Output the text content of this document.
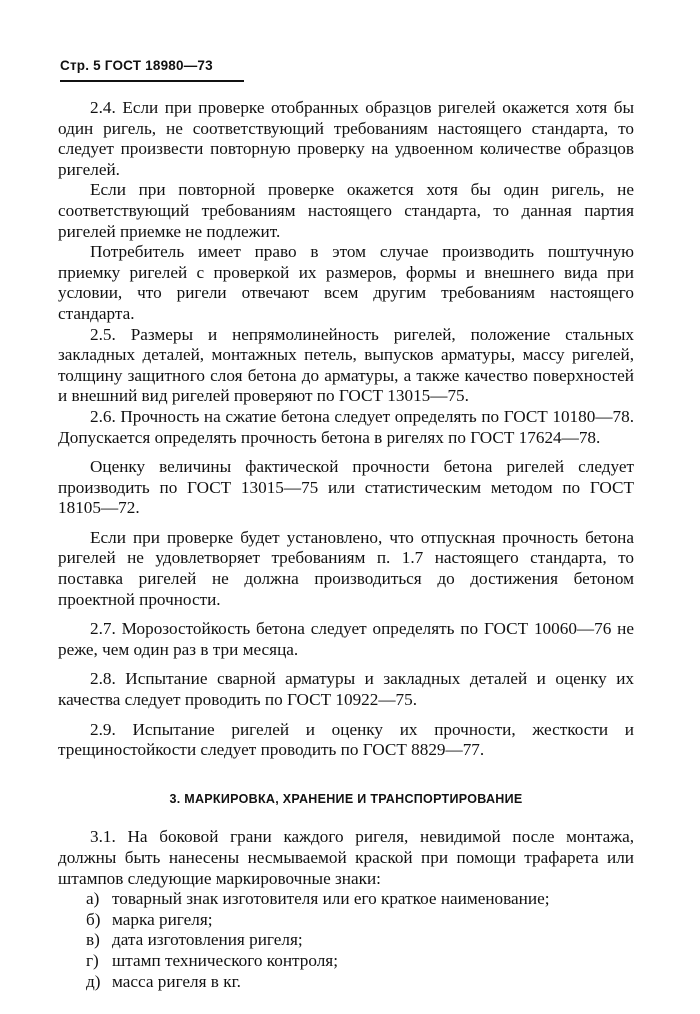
Стр. 5 ГОСТ 18980—73

2.4. Если при проверке отобранных образцов ригелей окажется хотя бы один ригель, не соответствующий требованиям настоящего стандарта, то следует произвести повторную проверку на удвоенном количестве образцов ригелей.

Если при повторной проверке окажется хотя бы один ригель, не соответствующий требованиям настоящего стандарта, то данная партия ригелей приемке не подлежит.

Потребитель имеет право в этом случае производить поштучную приемку ригелей с проверкой их размеров, формы и внешнего вида при условии, что ригели отвечают всем другим требованиям настоящего стандарта.

2.5. Размеры и непрямолинейность ригелей, положение стальных закладных деталей, монтажных петель, выпусков арматуры, массу ригелей, толщину защитного слоя бетона до арматуры, а также качество поверхностей и внешний вид ригелей проверяют по ГОСТ 13015—75.

2.6. Прочность на сжатие бетона следует определять по ГОСТ 10180—78. Допускается определять прочность бетона в ригелях по ГОСТ 17624—78.

Оценку величины фактической прочности бетона ригелей следует производить по ГОСТ 13015—75 или статистическим методом по ГОСТ 18105—72.

Если при проверке будет установлено, что отпускная прочность бетона ригелей не удовлетворяет требованиям п. 1.7 настоящего стандарта, то поставка ригелей не должна производиться до достижения бетоном проектной прочности.

2.7. Морозостойкость бетона следует определять по ГОСТ 10060—76 не реже, чем один раз в три месяца.

2.8. Испытание сварной арматуры и закладных деталей и оценку их качества следует проводить по ГОСТ 10922—75.

2.9. Испытание ригелей и оценку их прочности, жесткости и трещиностойкости следует проводить по ГОСТ 8829—77.

3. МАРКИРОВКА, ХРАНЕНИЕ И ТРАНСПОРТИРОВАНИЕ

3.1. На боковой грани каждого ригеля, невидимой после монтажа, должны быть нанесены несмываемой краской при помощи трафарета или штампов следующие маркировочные знаки:

а) товарный знак изготовителя или его краткое наименование;
б) марка ригеля;
в) дата изготовления ригеля;
г) штамп технического контроля;
д) масса ригеля в кг.
